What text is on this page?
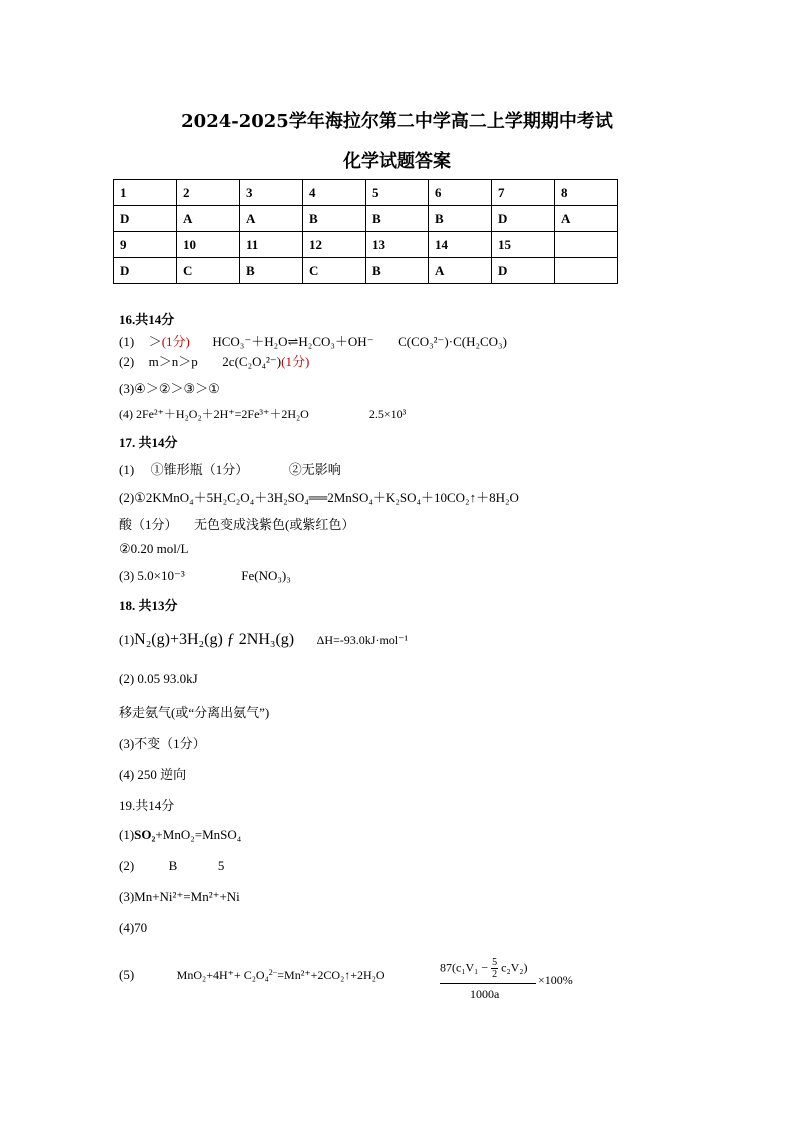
2024-2025学年海拉尔第二中学高二上学期期中考试
化学试题答案
1	2	3	4	5	6	7	8
D	A	A	B	B	B	D	A
9	10	11	12	13	14	15	
D	C	B	C	B	A	D	
16.共14分
(1) ＞(1分) HCO₃⁻＋H₂O⇌H₂CO₃＋OH⁻ C(CO₃²⁻)·C(H₂CO₃)
(2) m＞n＞p 2c(C₂O₄²⁻)(1分)
(3)④＞②＞③＞①
(4) 2Fe²⁺＋H₂O₂＋2H⁺=2Fe³⁺＋2H₂O	2.5×10³
17. 共14分
(1) ①锥形瓶（1分）	②无影响
(2)①2KMnO₄＋5H₂C₂O₄＋3H₂SO₄══2MnSO₄＋K₂SO₄＋10CO₂↑＋8H₂O
酸（1分） 无色变成浅紫色(或紫红色）
②0.20 mol/L
(3) 5.0×10⁻³	Fe(NO₃)₃
18. 共13分
(1)N₂(g)+3H₂(g) ƒ 2NH₃(g) ΔH=-93.0kJ·mol⁻¹
(2) 0.05 93.0kJ
移走氨气(或“分离出氨气”)
(3)不变（1分）
(4) 250 逆向
19.共14分
(1)SO₂+MnO₂=MnSO₄
(2)	B	5
(3)Mn+Ni²⁺=Mn²⁺+Ni
(4)70
(5)	MnO₂+4H⁺+ C₂O₄$^{2-}$=Mn²⁺+2CO₂↑+2H₂O
$87(c_1V_1 - \frac{5}{2} c_2V_2)$
1000a
×100%
